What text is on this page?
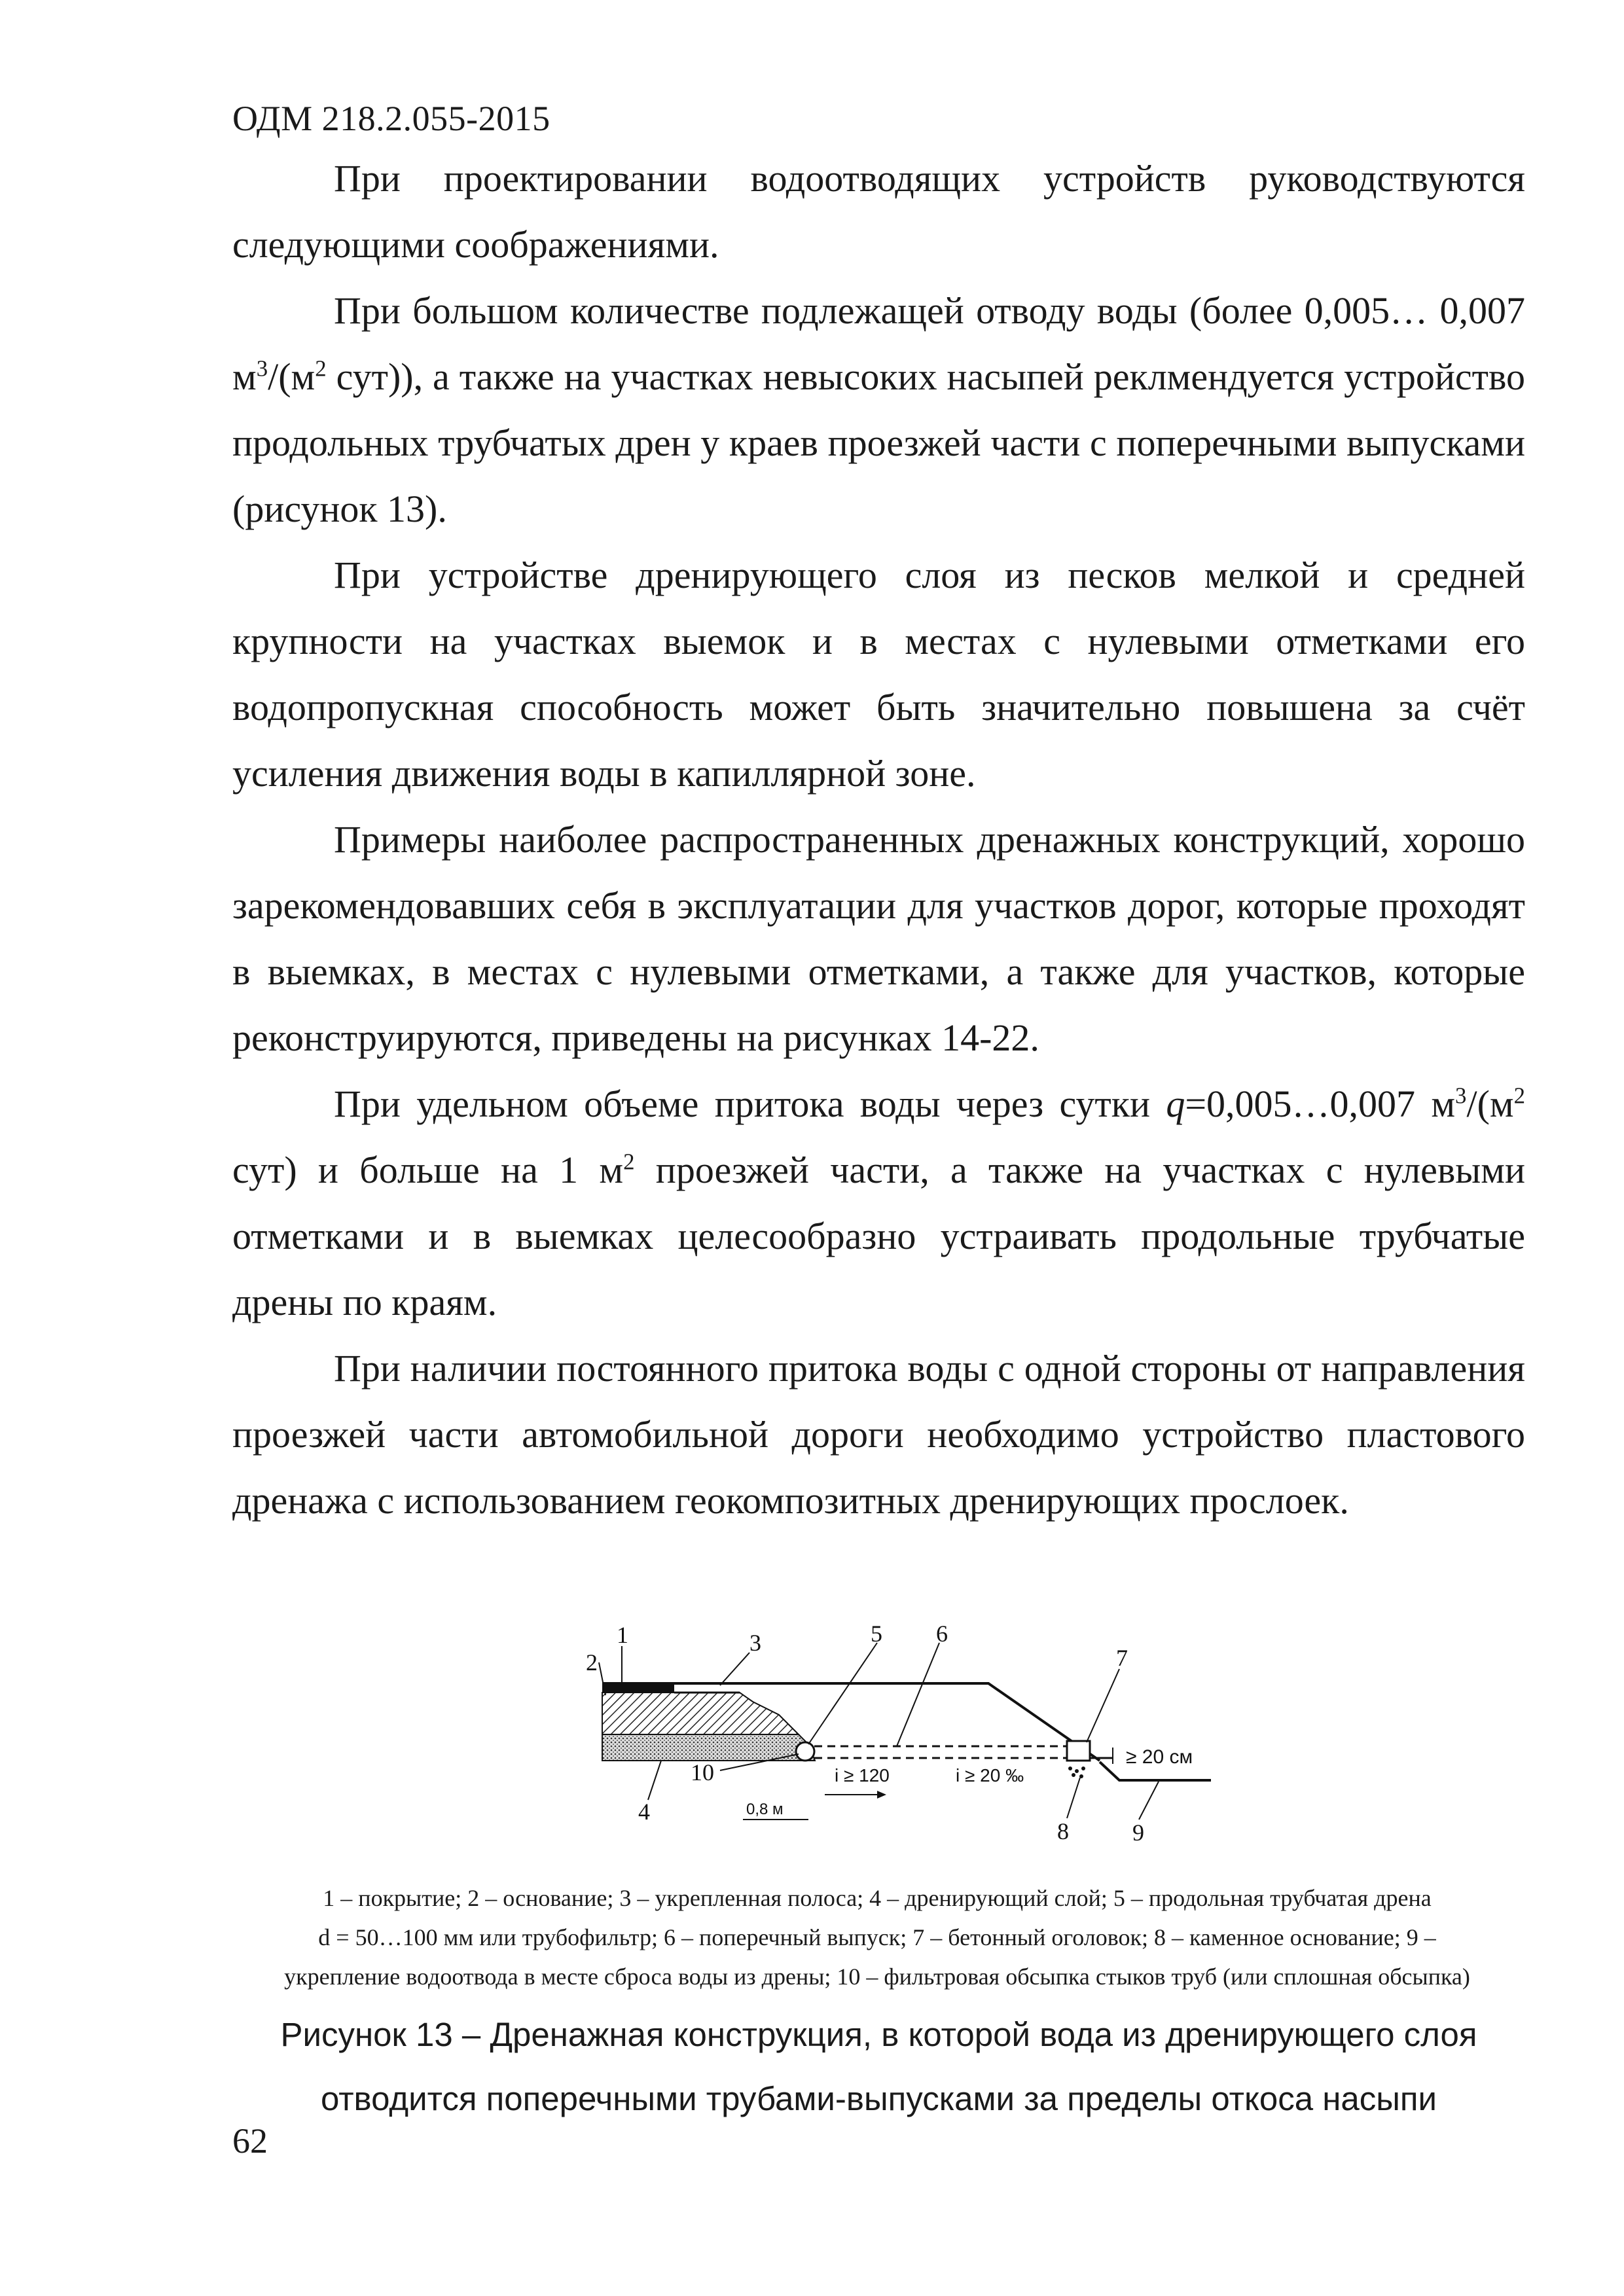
ОДМ 218.2.055-2015

При проектировании водоотводящих устройств руководствуются следующими соображениями.

При большом количестве подлежащей отводу воды (более 0,005… 0,007 $м^3/(м^2$ сут)), а также на участках невысоких насыпей реклмендуется устройство продольных трубчатых дрен у краев проезжей части с поперечными выпусками (рисунок 13).

При устройстве дренирующего слоя из песков мелкой и средней крупности на участках выемок и в местах с нулевыми отметками его водопропускная способность может быть значительно повышена за счёт усиления движения воды в капиллярной зоне.

Примеры наиболее распространенных дренажных конструкций, хорошо зарекомендовавших себя в эксплуатации для участков дорог, которые проходят в выемках, в местах с нулевыми отметками, а также для участков, которые реконструируются, приведены на рисунках 14-22.

При удельном объеме притока воды через сутки q=0,005…0,007 $м^3/(м^2$ сут) и больше на 1 $м^2$ проезжей части, а также на участках с нулевыми отметками и в выемках целесообразно устраивать продольные трубчатые дрены по краям.

При наличии постоянного притока воды с одной стороны от направления проезжей части автомобильной дороги необходимо устройство пластового дренажа с использованием геокомпозитных дренирующих прослоек.

≥ 20 см
i ≥ 120	i ≥ 20 ‰
0,8 м
1
2
3
4
5 6
7
8	9
10
1 – покрытие; 2 – основание; 3 – укрепленная полоса; 4 – дренирующий слой; 5 – продольная трубчатая дрена
d = 50…100 мм или трубофильтр; 6 – поперечный выпуск; 7 – бетонный оголовок; 8 – каменное основание; 9 –
укрепление водоотвода в месте сброса воды из дрены; 10 – фильтровая обсыпка стыков труб (или сплошная обсыпка)
Рисунок 13 – Дренажная конструкция, в которой вода из дренирующего слоя
отводится поперечными трубами-выпусками за пределы откоса насыпи
62
